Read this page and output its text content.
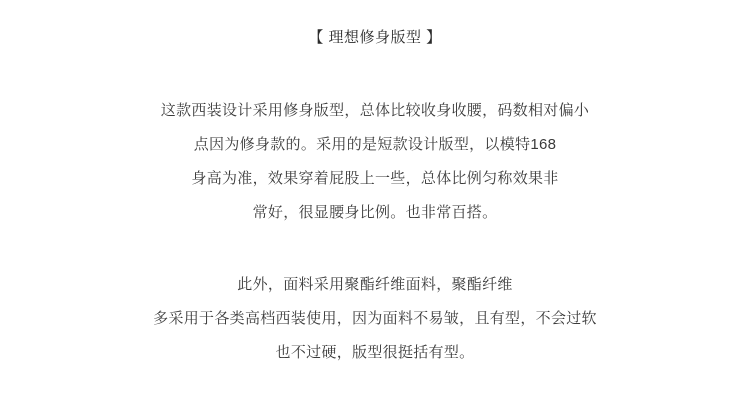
【 理想修身版型 】
这款西装设计采用修身版型，总体比较收身收腰，码数相对偏小
点因为修身款的。采用的是短款设计版型，以模特168
身高为准，效果穿着屁股上一些，总体比例匀称效果非
常好，很显腰身比例。也非常百搭。
此外，面料采用聚酯纤维面料，聚酯纤维
多采用于各类高档西装使用，因为面料不易皱，且有型，不会过软
也不过硬，版型很挺括有型。
